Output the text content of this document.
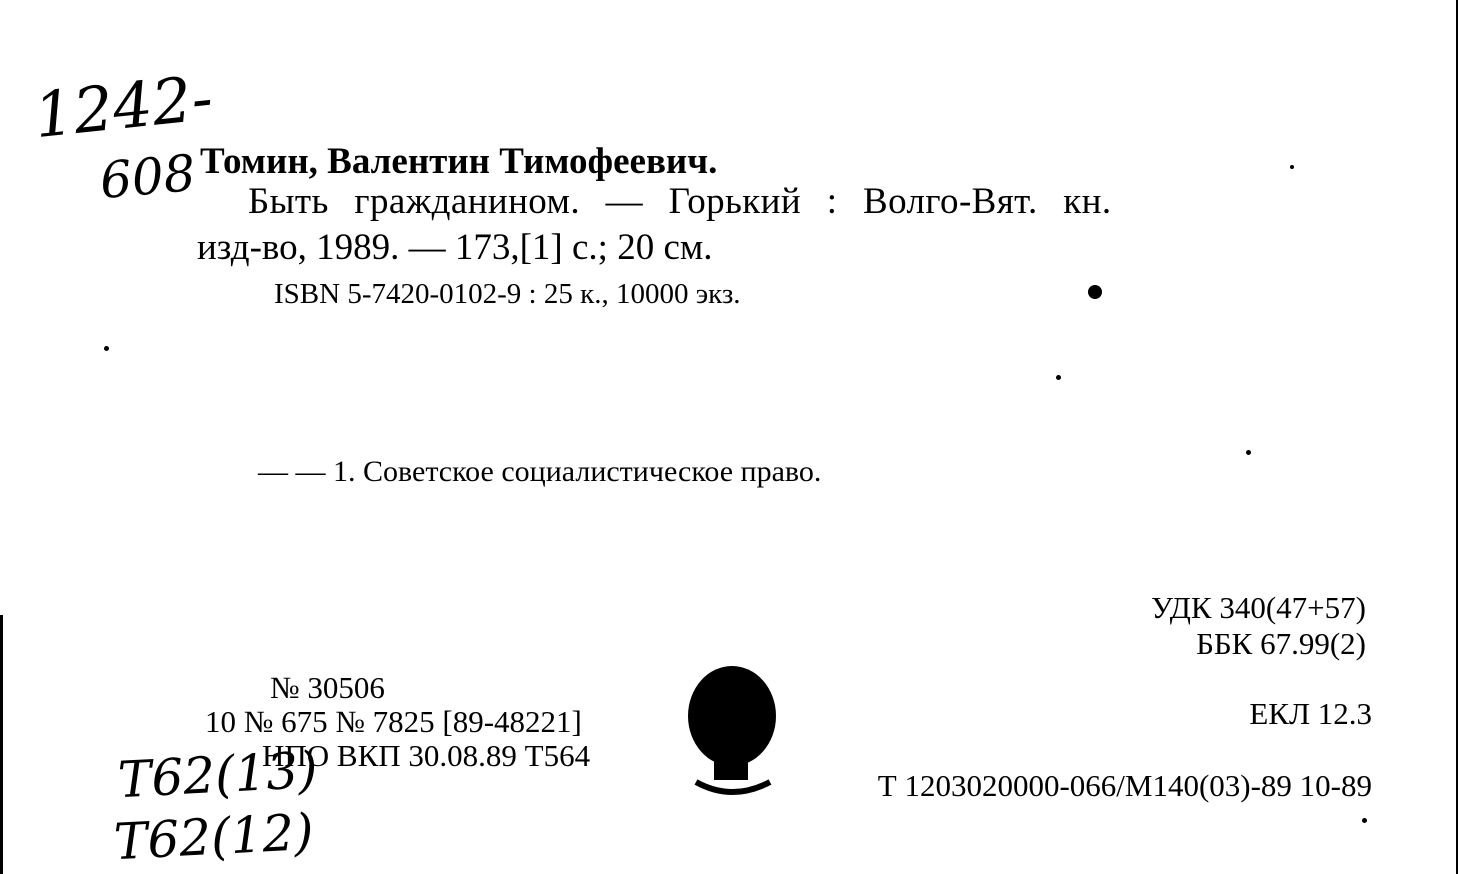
1242-
608 Томин, Валентин Тимофеевич.
Быть гражданином. — Горький : Волго-Вят. кн.
изд-во, 1989. — 173,[1] с.; 20 см.
ISBN 5-7420-0102-9 : 25 к., 10000 экз.
— — 1. Советское социалистическое право.
УДК 340(47+57)
ББК 67.99(2)
ЕКЛ 12.3
Т 1203020000-066/М140(03)-89 10-89
№ 30506
10 № 675 № 7825 [89-48221]
НПО ВКП 30.08.89 Т564
T62(13)
T62(12)
